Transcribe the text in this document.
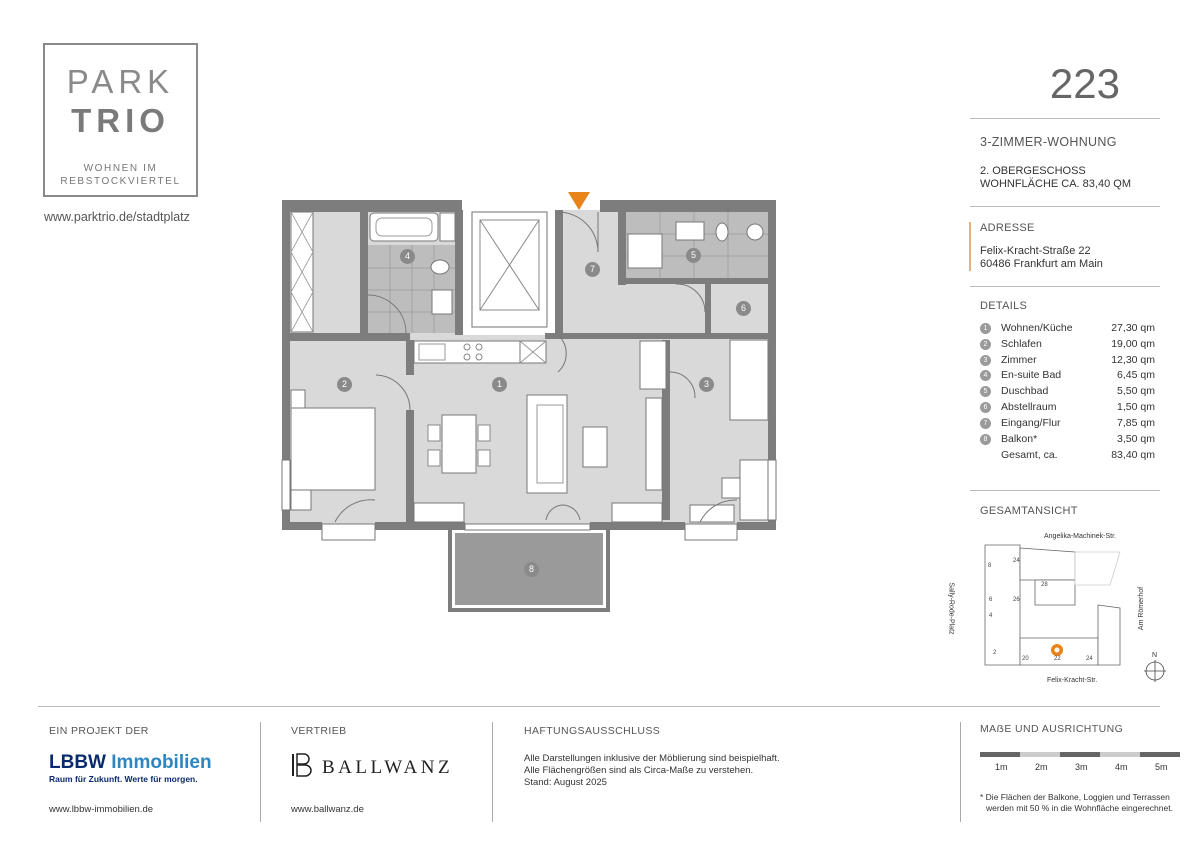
PARK
TRIO
WOHNEN IM
REBSTOCKVIERTEL
www.parktrio.de/stadtplatz
1
2	3
4	5
6
7
8
223
3-ZIMMER-WOHNUNG
2. OBERGESCHOSS
WOHNFLÄCHE CA. 83,40 QM
ADRESSE
Felix-Kracht-Straße 22
60486 Frankfurt am Main
DETAILS
1	Wohnen/Küche	27,30 qm
2	Schlafen	19,00 qm
3	Zimmer	12,30 qm
4	En-suite Bad	6,45 qm
5	Duschbad	5,50 qm
6	Abstellraum	1,50 qm
7	Eingang/Flur	7,85 qm
8	Balkon*	3,50 qm
Gesamt, ca.	83,40 qm
GESAMTANSICHT
Angelika-Machinek-Str.
Felix-Kracht-Str.
Sally-Rode-Platz	Am Römerhof
N
24
8
28
6	26
4
2
20	22	24
EIN PROJEKT DER
LBBW Immobilien
Raum für Zukunft. Werte für morgen.
www.lbbw-immobilien.de
VERTRIEB
BALLWANZ
www.ballwanz.de
HAFTUNGSAUSSCHLUSS
Alle Darstellungen inklusive der Möblierung sind beispielhaft.
Alle Flächengrößen sind als Circa-Maße zu verstehen.
Stand: August 2025
MAẞE UND AUSRICHTUNG
1m	2m	3m	4m	5m
* Die Flächen der Balkone, Loggien und Terrassen
werden mit 50 % in die Wohnfläche eingerechnet.
